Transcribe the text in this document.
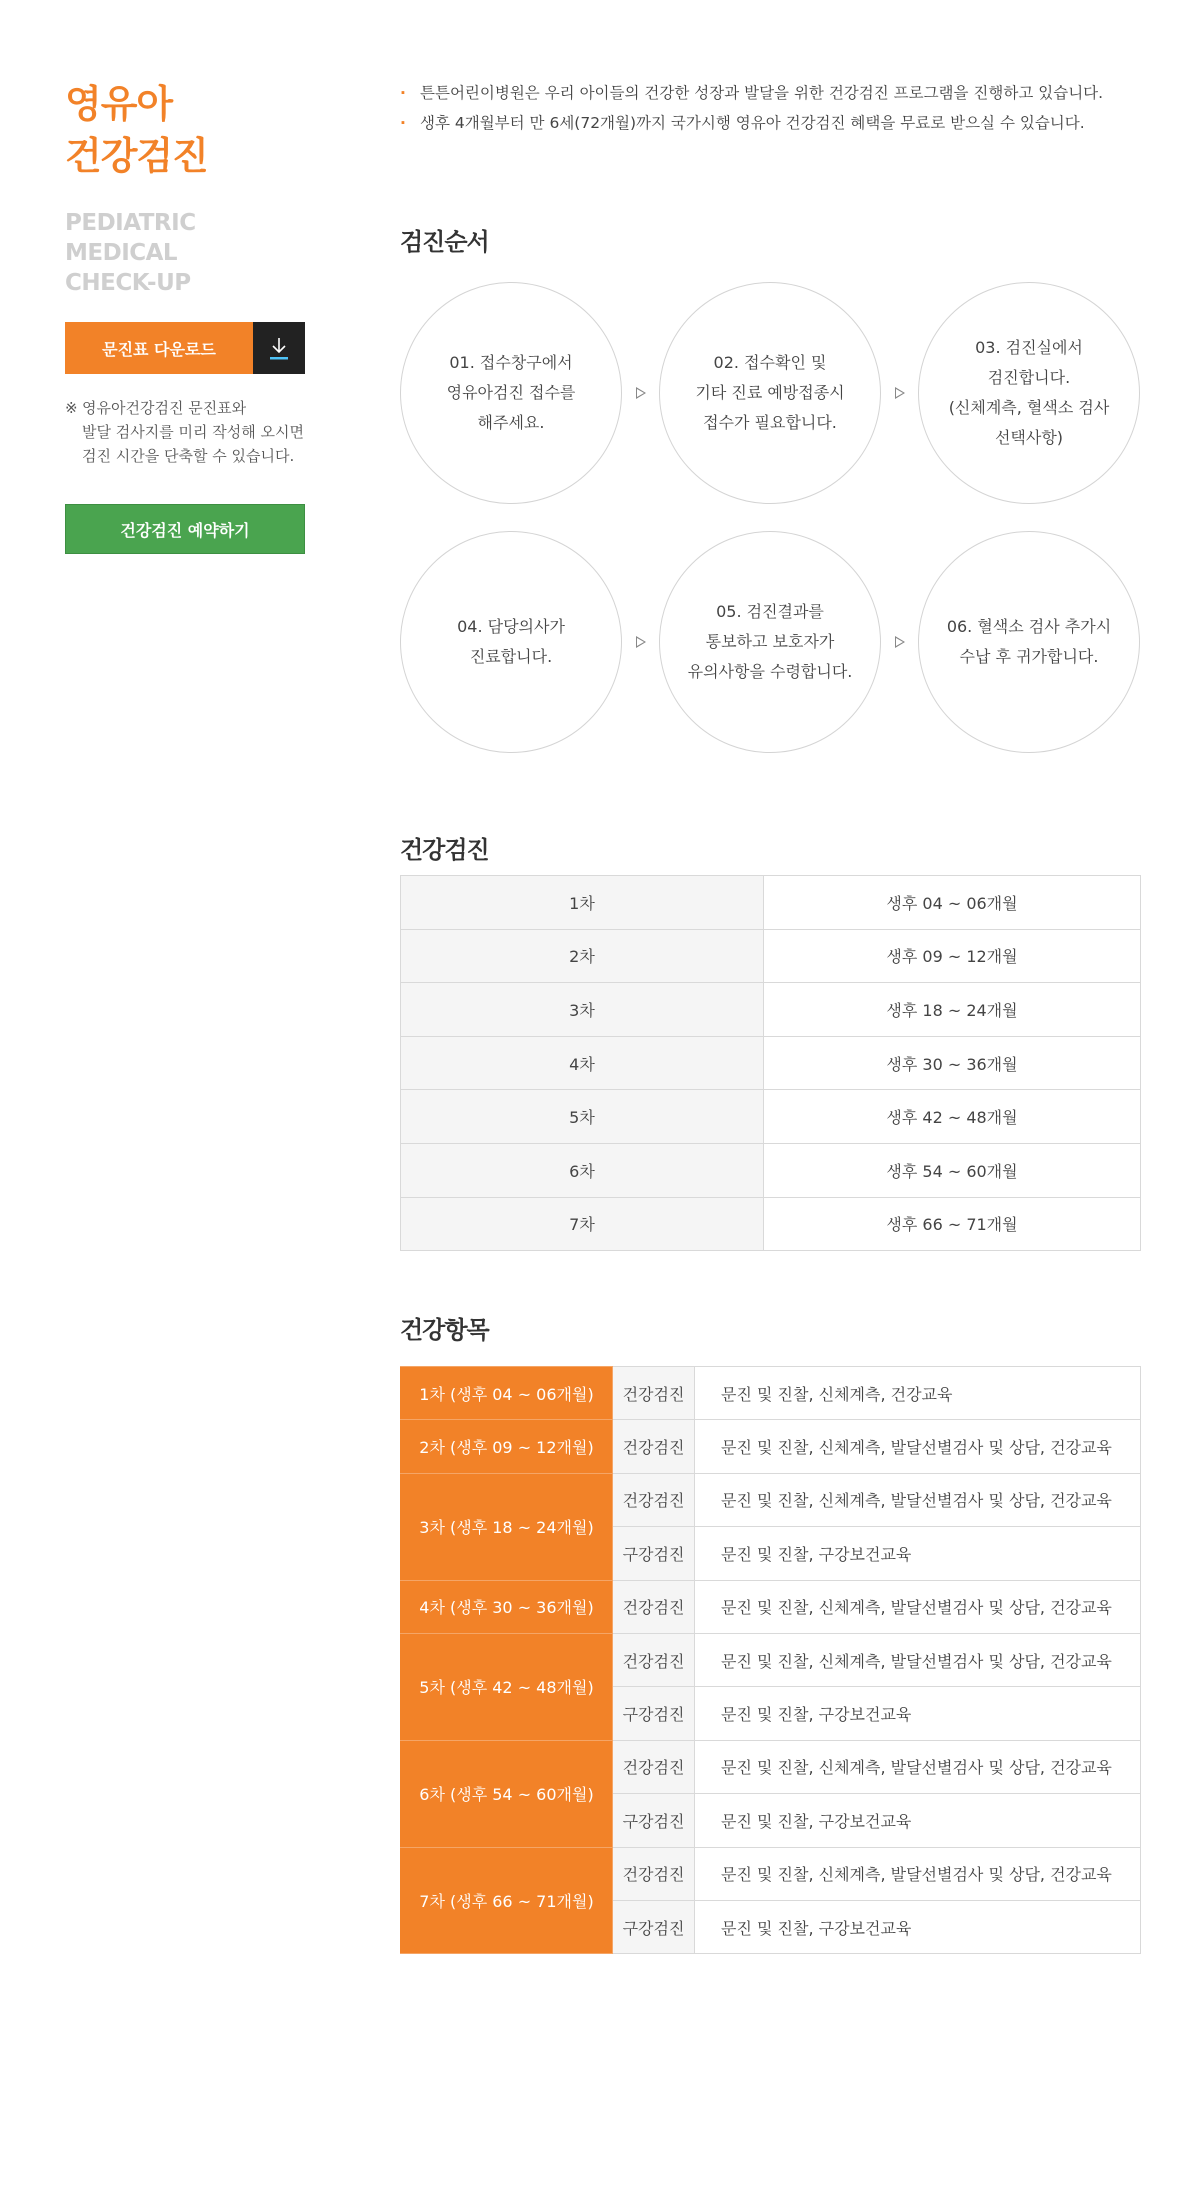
영유아
건강검진
PEDIATRIC MEDICAL
CHECK-UP
문진표 다운로드
※ 영유아건강검진 문진표와
발달 검사지를 미리 작성해 오시면
검진 시간을 단축할 수 있습니다.
건강검진 예약하기
· 튼튼어린이병원은 우리 아이들의 건강한 성장과 발달을 위한 건강검진 프로그램을 진행하고 있습니다.
· 생후 4개월부터 만 6세(72개월)까지 국가시행 영유아 건강검진 혜택을 무료로 받으실 수 있습니다.
검진순서
01. 접수창구에서
영유아검진 접수를
해주세요.
02. 접수확인 및
기타 진료 예방접종시
접수가 필요합니다.
03. 검진실에서
검진합니다.
(신체계측, 혈색소 검사
선택사항)
04. 담당의사가
진료합니다.
05. 검진결과를
통보하고 보호자가
유의사항을 수령합니다.
06. 혈색소 검사 추가시
수납 후 귀가합니다.
건강검진
1차	생후 04 ~ 06개월
2차	생후 09 ~ 12개월
3차	생후 18 ~ 24개월
4차	생후 30 ~ 36개월
5차	생후 42 ~ 48개월
6차	생후 54 ~ 60개월
7차	생후 66 ~ 71개월
건강항목
1차 (생후 04 ~ 06개월)	건강검진	문진 및 진찰, 신체계측, 건강교육
2차 (생후 09 ~ 12개월)	건강검진	문진 및 진찰, 신체계측, 발달선별검사 및 상담, 건강교육
3차 (생후 18 ~ 24개월)	건강검진	문진 및 진찰, 신체계측, 발달선별검사 및 상담, 건강교육
	구강검진	문진 및 진찰, 구강보건교육
4차 (생후 30 ~ 36개월)	건강검진	문진 및 진찰, 신체계측, 발달선별검사 및 상담, 건강교육
5차 (생후 42 ~ 48개월)	건강검진	문진 및 진찰, 신체계측, 발달선별검사 및 상담, 건강교육
	구강검진	문진 및 진찰, 구강보건교육
6차 (생후 54 ~ 60개월)	건강검진	문진 및 진찰, 신체계측, 발달선별검사 및 상담, 건강교육
	구강검진	문진 및 진찰, 구강보건교육
7차 (생후 66 ~ 71개월)	건강검진	문진 및 진찰, 신체계측, 발달선별검사 및 상담, 건강교육
	구강검진	문진 및 진찰, 구강보건교육
